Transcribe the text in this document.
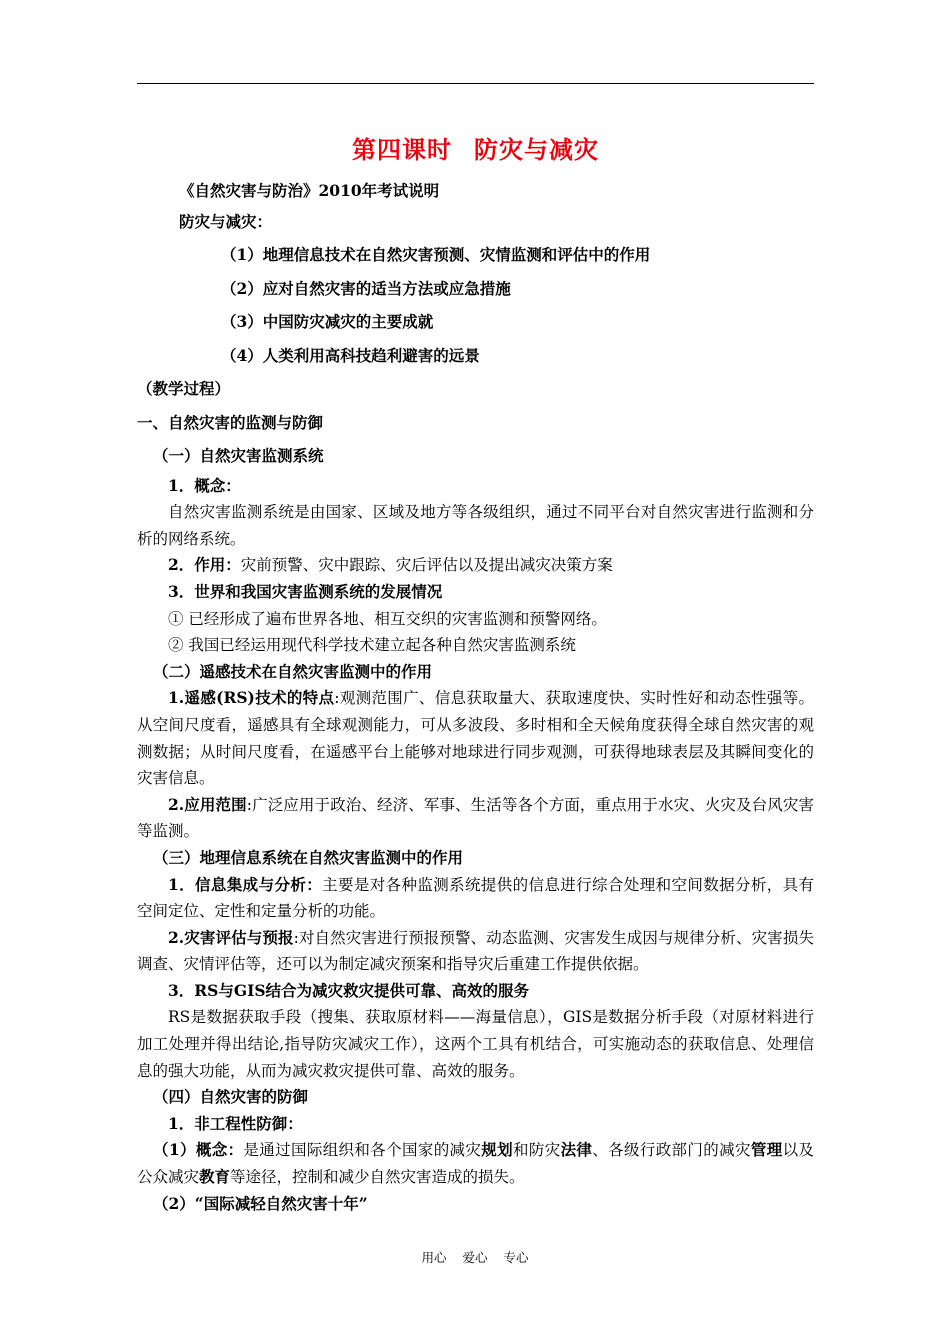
第四课时 防灾与减灾
《自然灾害与防治》2010年考试说明
防灾与减灾：
（1）地理信息技术在自然灾害预测、灾情监测和评估中的作用
（2）应对自然灾害的适当方法或应急措施
（3）中国防灾减灾的主要成就
（4）人类利用高科技趋利避害的远景
（教学过程）
一、自然灾害的监测与防御
（一）自然灾害监测系统
1．概念：
自然灾害监测系统是由国家、区域及地方等各级组织，通过不同平台对自然灾害进行监测和分析的网络系统。
2．作用：灾前预警、灾中跟踪、灾后评估以及提出减灾决策方案
3．世界和我国灾害监测系统的发展情况
① 已经形成了遍布世界各地、相互交织的灾害监测和预警网络。
② 我国已经运用现代科学技术建立起各种自然灾害监测系统
（二）遥感技术在自然灾害监测中的作用
1.遥感(RS)技术的特点:观测范围广、信息获取量大、获取速度快、实时性好和动态性强等。从空间尺度看，遥感具有全球观测能力，可从多波段、多时相和全天候角度获得全球自然灾害的观测数据；从时间尺度看，在遥感平台上能够对地球进行同步观测，可获得地球表层及其瞬间变化的灾害信息。
2.应用范围:广泛应用于政治、经济、军事、生活等各个方面，重点用于水灾、火灾及台风灾害等监测。
（三）地理信息系统在自然灾害监测中的作用
1．信息集成与分析：主要是对各种监测系统提供的信息进行综合处理和空间数据分析，具有空间定位、定性和定量分析的功能。
2.灾害评估与预报:对自然灾害进行预报预警、动态监测、灾害发生成因与规律分析、灾害损失调查、灾情评估等，还可以为制定减灾预案和指导灾后重建工作提供依据。
3．RS与GIS结合为减灾救灾提供可靠、高效的服务
RS是数据获取手段（搜集、获取原材料——海量信息），GIS是数据分析手段（对原材料进行加工处理并得出结论,指导防灾减灾工作），这两个工具有机结合，可实施动态的获取信息、处理信息的强大功能，从而为减灾救灾提供可靠、高效的服务。
（四）自然灾害的防御
1．非工程性防御：
（1）概念：是通过国际组织和各个国家的减灾规划和防灾法律、各级行政部门的减灾管理以及公众减灾教育等途径，控制和减少自然灾害造成的损失。
（2）“国际减轻自然灾害十年”
用心 爱心 专心
